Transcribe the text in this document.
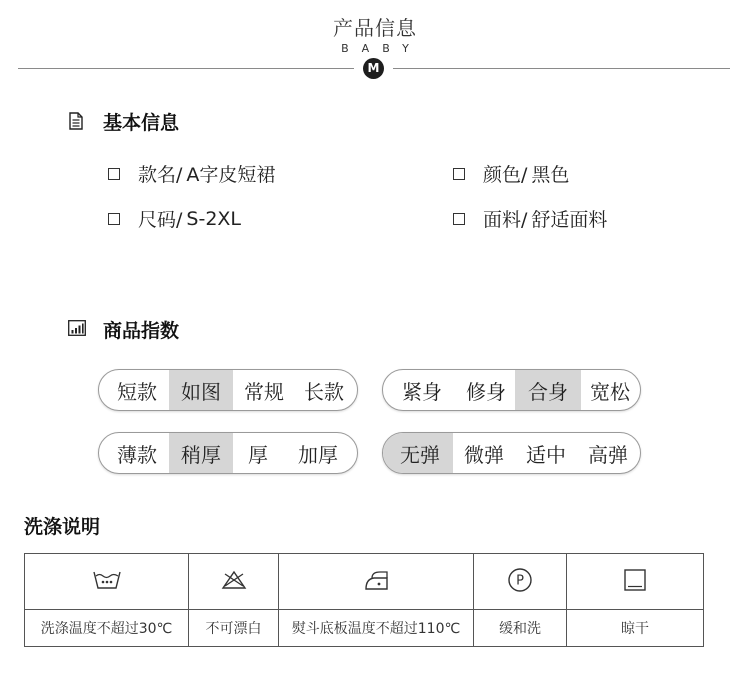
产品信息
BABY
M
基本信息
款名/ A字皮短裙	颜色/ 黑色
尺码/ S-2XL	面料/ 舒适面料
商品指数
短款	如图	常规	长款	紧身	修身	合身	宽松
薄款	稍厚	厚	加厚	无弹	微弹	适中	高弹
洗涤说明

P

洗涤温度不超过30℃	不可漂白	熨斗底板温度不超过110℃	缓和洗	晾干
